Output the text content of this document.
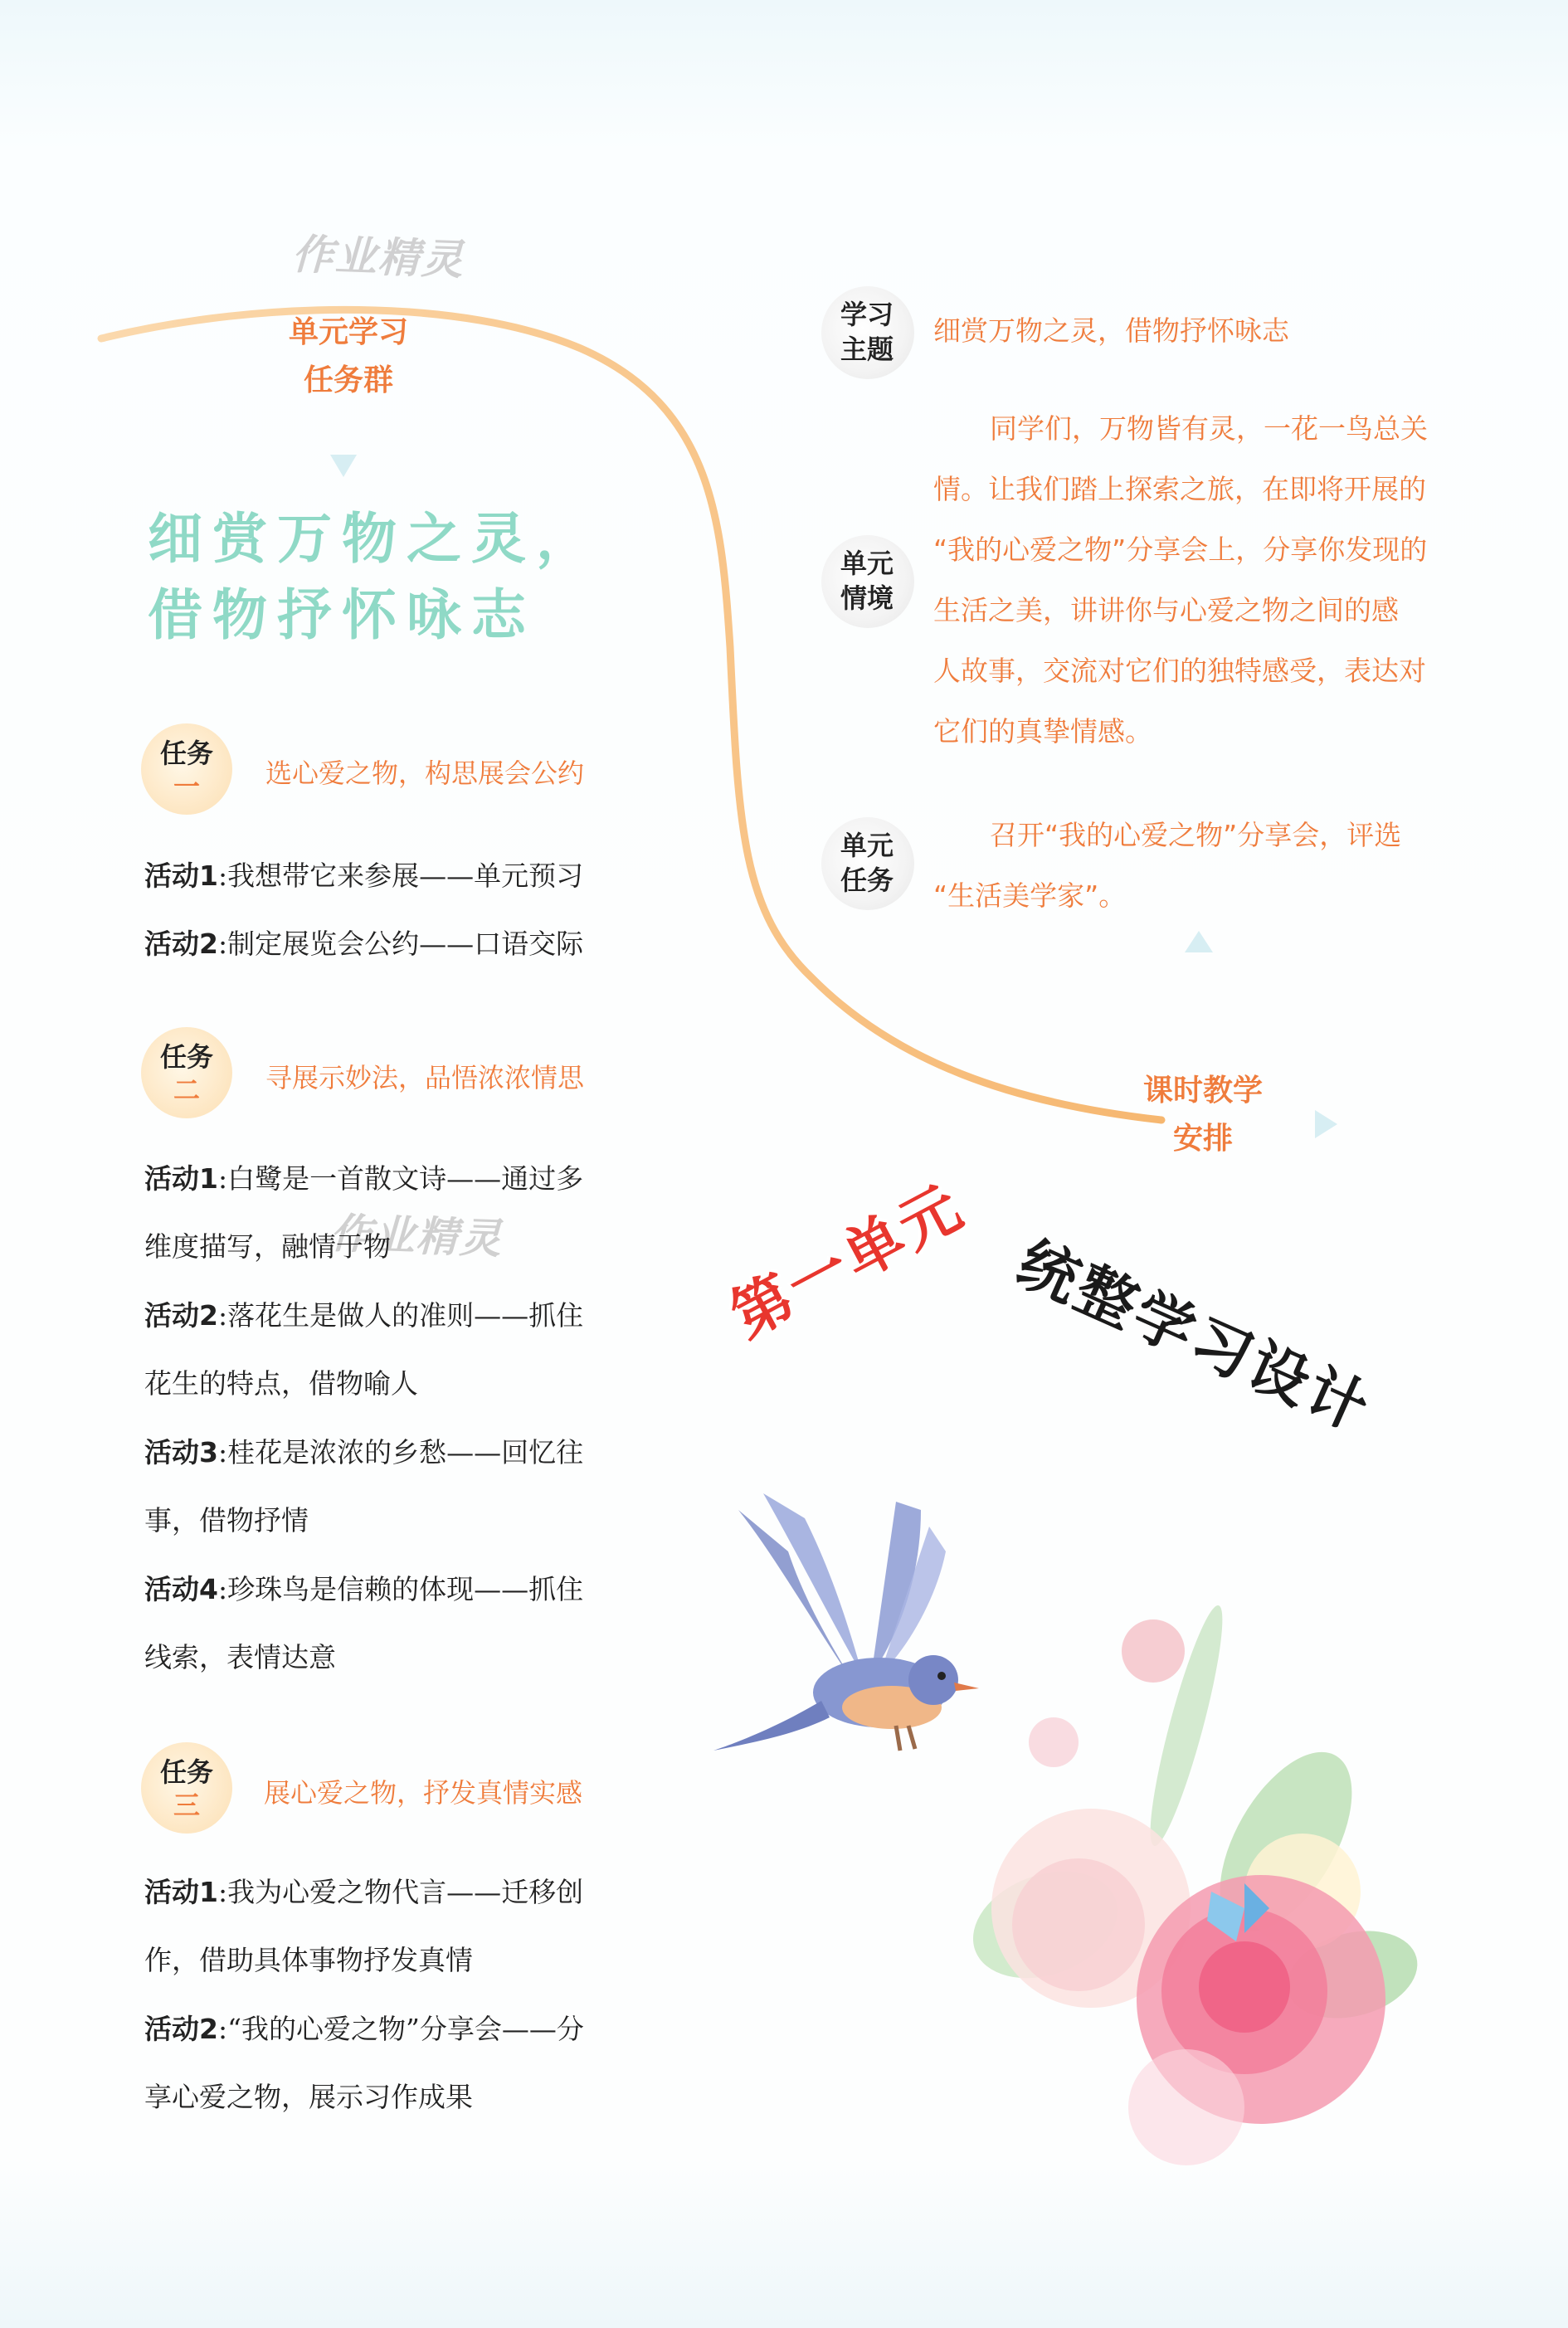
作业精灵
作业精灵
单元学习
任务群
细赏万物之灵，
借物抒怀咏志
任务
一	选心爱之物，构思展会公约
活动1:我想带它来参展——单元预习
活动2:制定展览会公约——口语交际
任务
二	寻展示妙法，品悟浓浓情思
活动1:白鹭是一首散文诗——通过多
维度描写，融情于物
活动2:落花生是做人的准则——抓住
花生的特点，借物喻人
活动3:桂花是浓浓的乡愁——回忆往
事，借物抒情
活动4:珍珠鸟是信赖的体现——抓住
线索，表情达意
任务
三	展心爱之物，抒发真情实感
活动1:我为心爱之物代言——迁移创
作，借助具体事物抒发真情
活动2:“我的心爱之物”分享会——分
享心爱之物，展示习作成果
学习
主题
细赏万物之灵，借物抒怀咏志
单元
情境
同学们，万物皆有灵，一花一鸟总关
情。让我们踏上探索之旅，在即将开展的
“我的心爱之物”分享会上，分享你发现的
生活之美，讲讲你与心爱之物之间的感
人故事，交流对它们的独特感受，表达对
它们的真挚情感。
单元
任务
召开“我的心爱之物”分享会，评选
“生活美学家”。
课时教学
安排
第一单元 统整学习设计
